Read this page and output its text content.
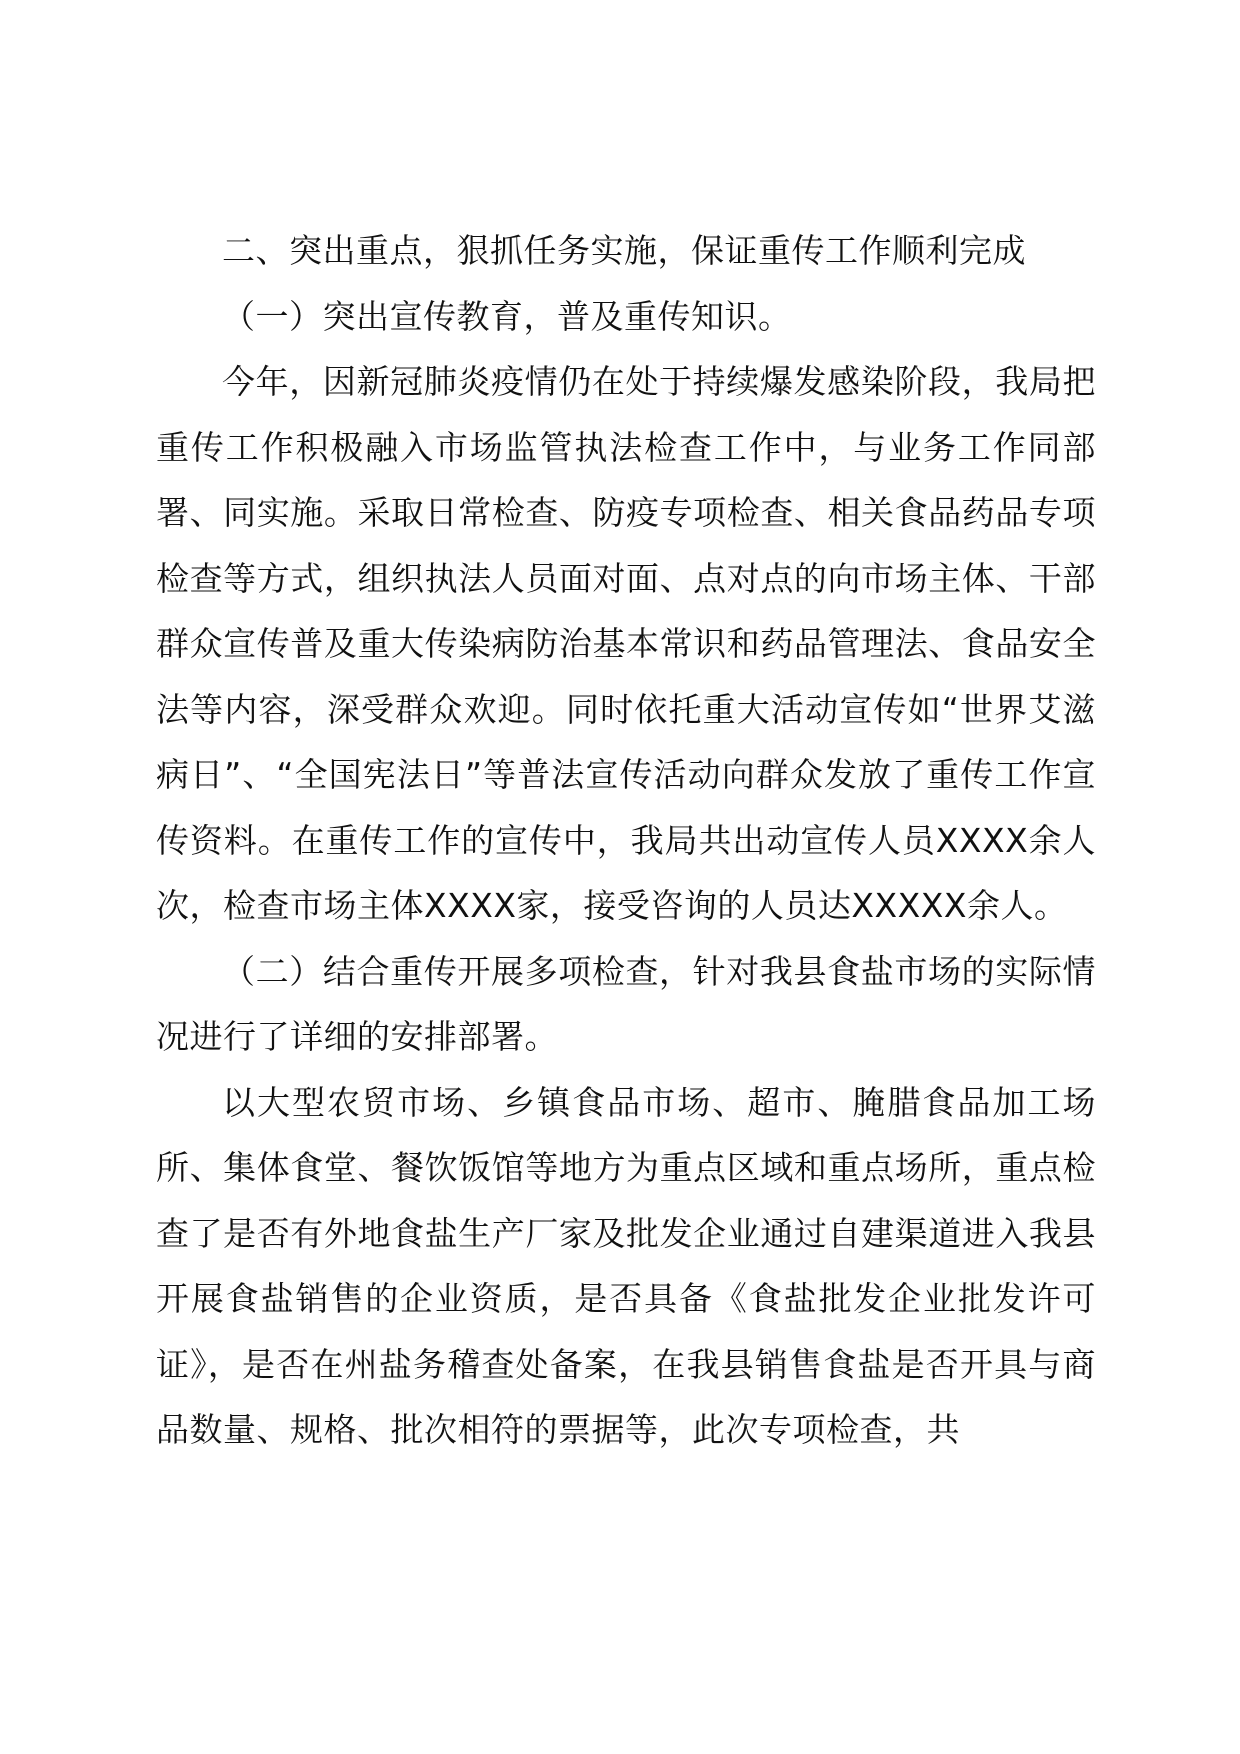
二、突出重点，狠抓任务实施，保证重传工作顺利完成

（一）突出宣传教育，普及重传知识。

今年，因新冠肺炎疫情仍在处于持续爆发感染阶段，我局把重传工作积极融入市场监管执法检查工作中，与业务工作同部署、同实施。采取日常检查、防疫专项检查、相关食品药品专项检查等方式，组织执法人员面对面、点对点的向市场主体、干部群众宣传普及重大传染病防治基本常识和药品管理法、食品安全法等内容，深受群众欢迎。同时依托重大活动宣传如“世界艾滋病日”、“全国宪法日”等普法宣传活动向群众发放了重传工作宣传资料。在重传工作的宣传中，我局共出动宣传人员XXXX余人次，检查市场主体XXXX家，接受咨询的人员达XXXXX余人。

（二）结合重传开展多项检查，针对我县食盐市场的实际情况进行了详细的安排部署。

以大型农贸市场、乡镇食品市场、超市、腌腊食品加工场所、集体食堂、餐饮饭馆等地方为重点区域和重点场所，重点检查了是否有外地食盐生产厂家及批发企业通过自建渠道进入我县开展食盐销售的企业资质，是否具备《食盐批发企业批发许可证》，是否在州盐务稽查处备案，在我县销售食盐是否开具与商品数量、规格、批次相符的票据等，此次专项检查，共
